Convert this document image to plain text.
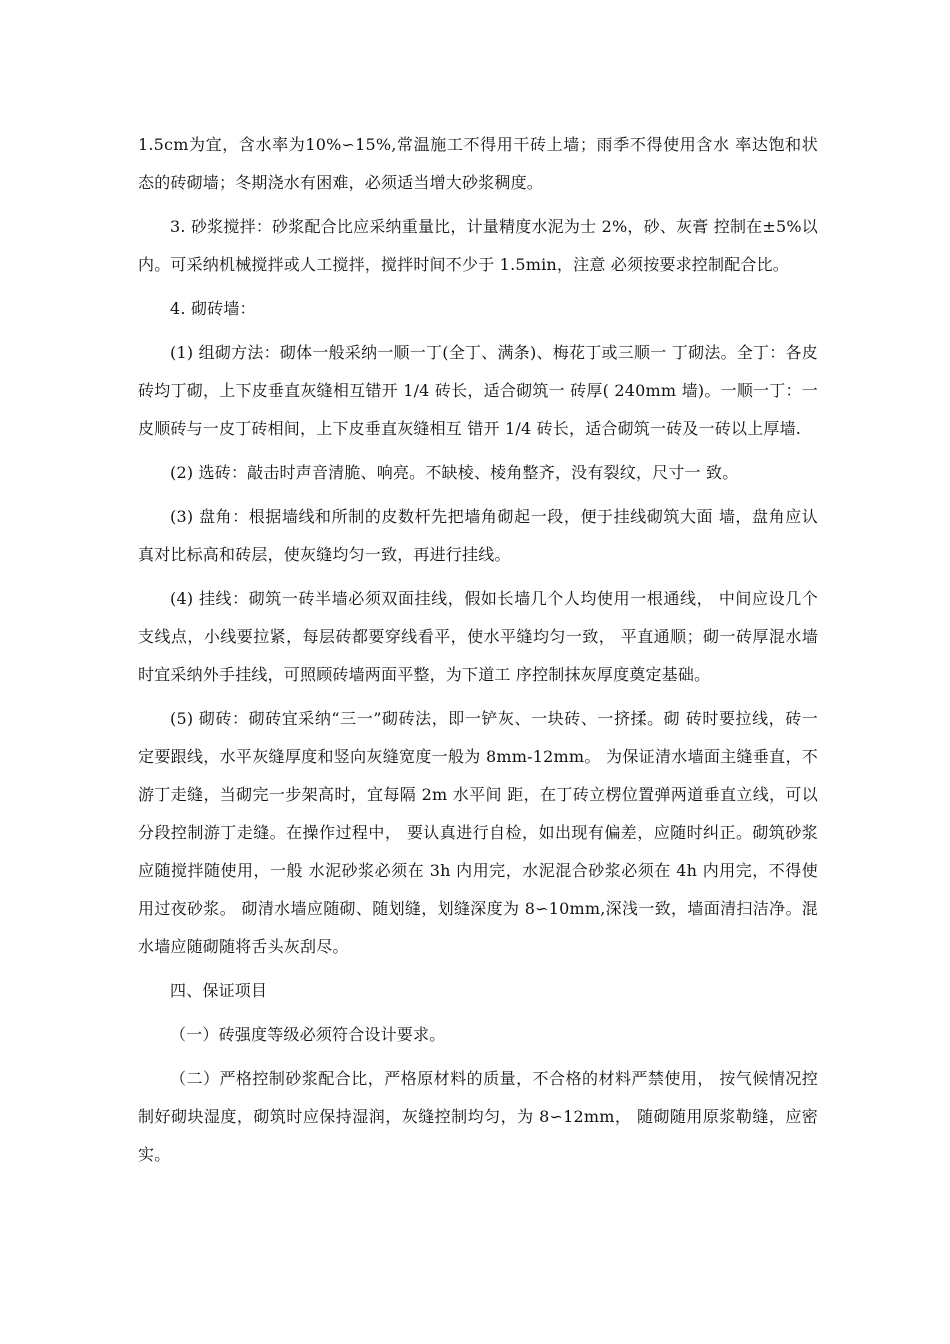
1.5cm为宜，含水率为10%∽15%,常温施工不得用干砖上墙；雨季不得使用含水 率达饱和状态的砖砌墙；冬期浇水有困难，必须适当增大砂浆稠度。

3. 砂浆搅拌：砂浆配合比应采纳重量比，计量精度水泥为士 2%，砂、灰膏 控制在±5%以内。可采纳机械搅拌或人工搅拌，搅拌时间不少于 1.5min，注意 必须按要求控制配合比。

4. 砌砖墙：

(1) 组砌方法：砌体一般采纳一顺一丁(全丁、满条)、梅花丁或三顺一 丁砌法。全丁：各皮砖均丁砌，上下皮垂直灰缝相互错开 1/4 砖长，适合砌筑一 砖厚( 240mm 墙)。一顺一丁：一皮顺砖与一皮丁砖相间，上下皮垂直灰缝相互 错开 1/4 砖长，适合砌筑一砖及一砖以上厚墙.

(2) 选砖：敲击时声音清脆、响亮。不缺棱、棱角整齐，没有裂纹，尺寸一 致。

(3) 盘角：根据墙线和所制的皮数杆先把墙角砌起一段，便于挂线砌筑大面 墙，盘角应认真对比标高和砖层，使灰缝均匀一致，再进行挂线。

(4) 挂线：砌筑一砖半墙必须双面挂线，假如长墙几个人均使用一根通线， 中间应设几个支线点，小线要拉紧，每层砖都要穿线看平，使水平缝均匀一致， 平直通顺；砌一砖厚混水墙时宜采纳外手挂线，可照顾砖墙两面平整，为下道工 序控制抹灰厚度奠定基础。

(5) 砌砖：砌砖宜采纳“三一”砌砖法，即一铲灰、一块砖、一挤揉。砌 砖时要拉线，砖一定要跟线，水平灰缝厚度和竖向灰缝宽度一般为 8mm-12mm。 为保证清水墙面主缝垂直，不游丁走缝，当砌完一步架高时，宜每隔 2m 水平间 距，在丁砖立楞位置弹两道垂直立线，可以分段控制游丁走缝。在操作过程中， 要认真进行自检，如出现有偏差，应随时纠正。砌筑砂浆应随搅拌随使用，一般 水泥砂浆必须在 3h 内用完，水泥混合砂浆必须在 4h 内用完，不得使用过夜砂浆。 砌清水墙应随砌、随划缝，划缝深度为 8∽10mm,深浅一致，墙面清扫洁净。混 水墙应随砌随将舌头灰刮尽。

四、保证项目

（一）砖强度等级必须符合设计要求。

（二）严格控制砂浆配合比，严格原材料的质量，不合格的材料严禁使用， 按气候情况控制好砌块湿度，砌筑时应保持湿润，灰缝控制均匀，为 8∽12mm， 随砌随用原浆勒缝，应密实。
